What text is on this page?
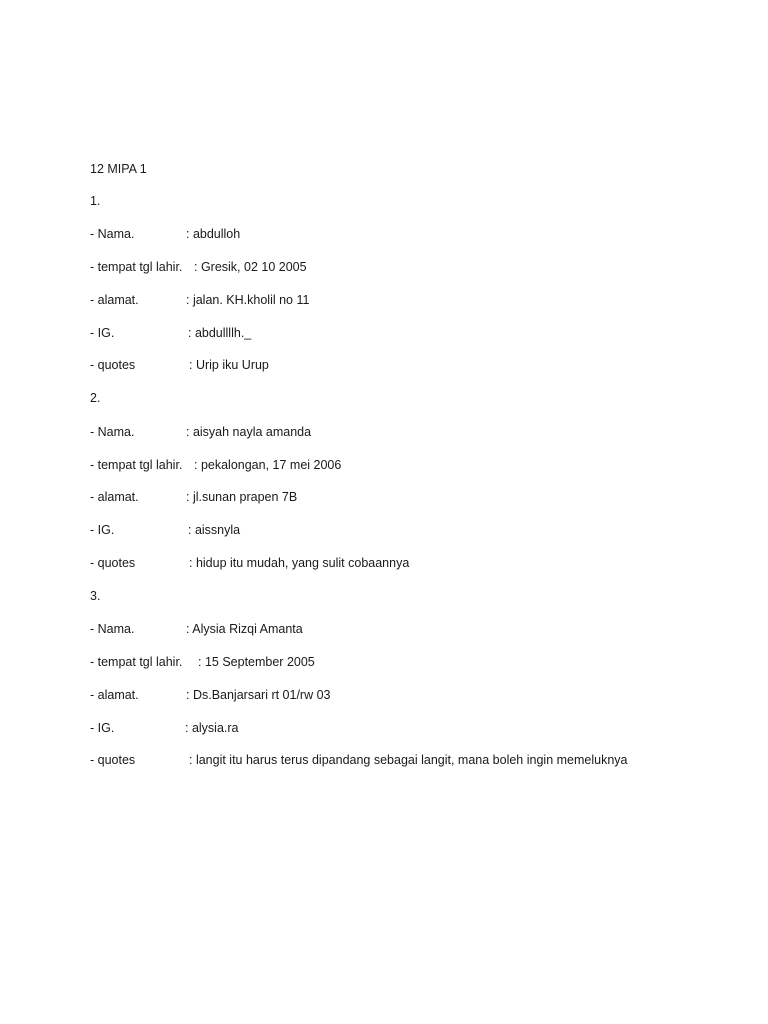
12 MIPA 1
1.
- Nama.	: abdulloh
- tempat tgl lahir. : Gresik, 02 10 2005
- alamat.	: jalan. KH.kholil no 11
- IG.	: abdullllh._
- quotes	: Urip iku Urup
2.
- Nama.	: aisyah nayla amanda
- tempat tgl lahir. : pekalongan, 17 mei 2006
- alamat.	: jl.sunan prapen 7B
- IG.	: aissnyla
- quotes	: hidup itu mudah, yang sulit cobaannya
3.
- Nama.	: Alysia Rizqi Amanta
- tempat tgl lahir. : 15 September 2005
- alamat.	: Ds.Banjarsari rt 01/rw 03
- IG.	: alysia.ra
- quotes	: langit itu harus terus dipandang sebagai langit, mana boleh ingin memeluknya
